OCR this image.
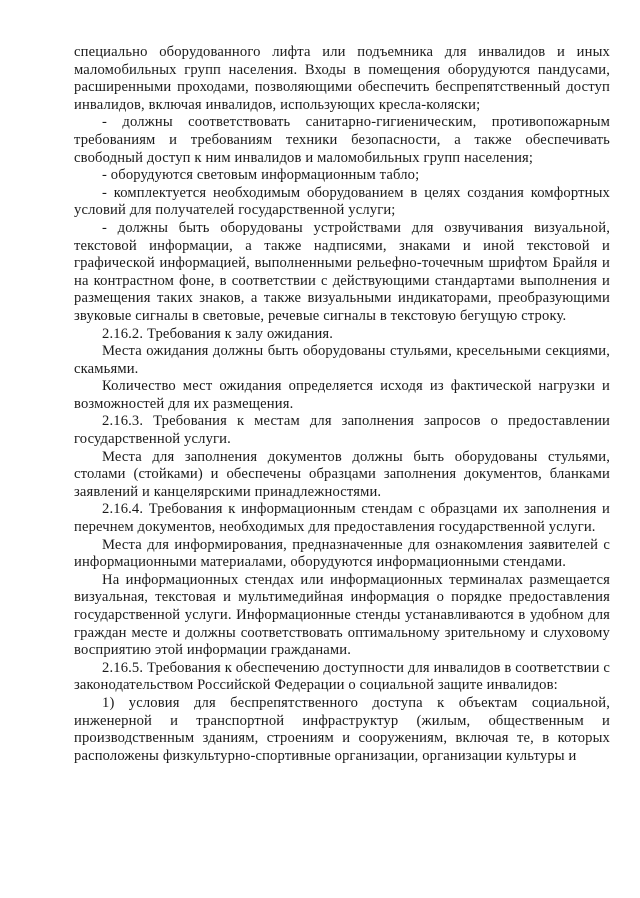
специально оборудованного лифта или подъемника для инвалидов и иных маломобильных групп населения. Входы в помещения оборудуются пандусами, расширенными проходами, позволяющими обеспечить беспрепятственный доступ инвалидов, включая инвалидов, использующих кресла-коляски;

- должны соответствовать санитарно-гигиеническим, противопожарным требованиям и требованиям техники безопасности, а также обеспечивать свободный доступ к ним инвалидов и маломобильных групп населения;

- оборудуются световым информационным табло;

- комплектуется необходимым оборудованием в целях создания комфортных условий для получателей государственной услуги;

- должны быть оборудованы устройствами для озвучивания визуальной, текстовой информации, а также надписями, знаками и иной текстовой и графической информацией, выполненными рельефно-точечным шрифтом Брайля и на контрастном фоне, в соответствии с действующими стандартами выполнения и размещения таких знаков, а также визуальными индикаторами, преобразующими звуковые сигналы в световые, речевые сигналы в текстовую бегущую строку.

2.16.2. Требования к залу ожидания.

Места ожидания должны быть оборудованы стульями, кресельными секциями, скамьями.

Количество мест ожидания определяется исходя из фактической нагрузки и возможностей для их размещения.

2.16.3. Требования к местам для заполнения запросов о предоставлении государственной услуги.

Места для заполнения документов должны быть оборудованы стульями, столами (стойками) и обеспечены образцами заполнения документов, бланками заявлений и канцелярскими принадлежностями.

2.16.4. Требования к информационным стендам с образцами их заполнения и перечнем документов, необходимых для предоставления государственной услуги.

Места для информирования, предназначенные для ознакомления заявителей с информационными материалами, оборудуются информационными стендами.

На информационных стендах или информационных терминалах размещается визуальная, текстовая и мультимедийная информация о порядке предоставления государственной услуги. Информационные стенды устанавливаются в удобном для граждан месте и должны соответствовать оптимальному зрительному и слуховому восприятию этой информации гражданами.

2.16.5. Требования к обеспечению доступности для инвалидов в соответствии с законодательством Российской Федерации о социальной защите инвалидов:

1) условия для беспрепятственного доступа к объектам социальной, инженерной и транспортной инфраструктур (жилым, общественным и производственным зданиям, строениям и сооружениям, включая те, в которых расположены физкультурно-спортивные организации, организации культуры и
